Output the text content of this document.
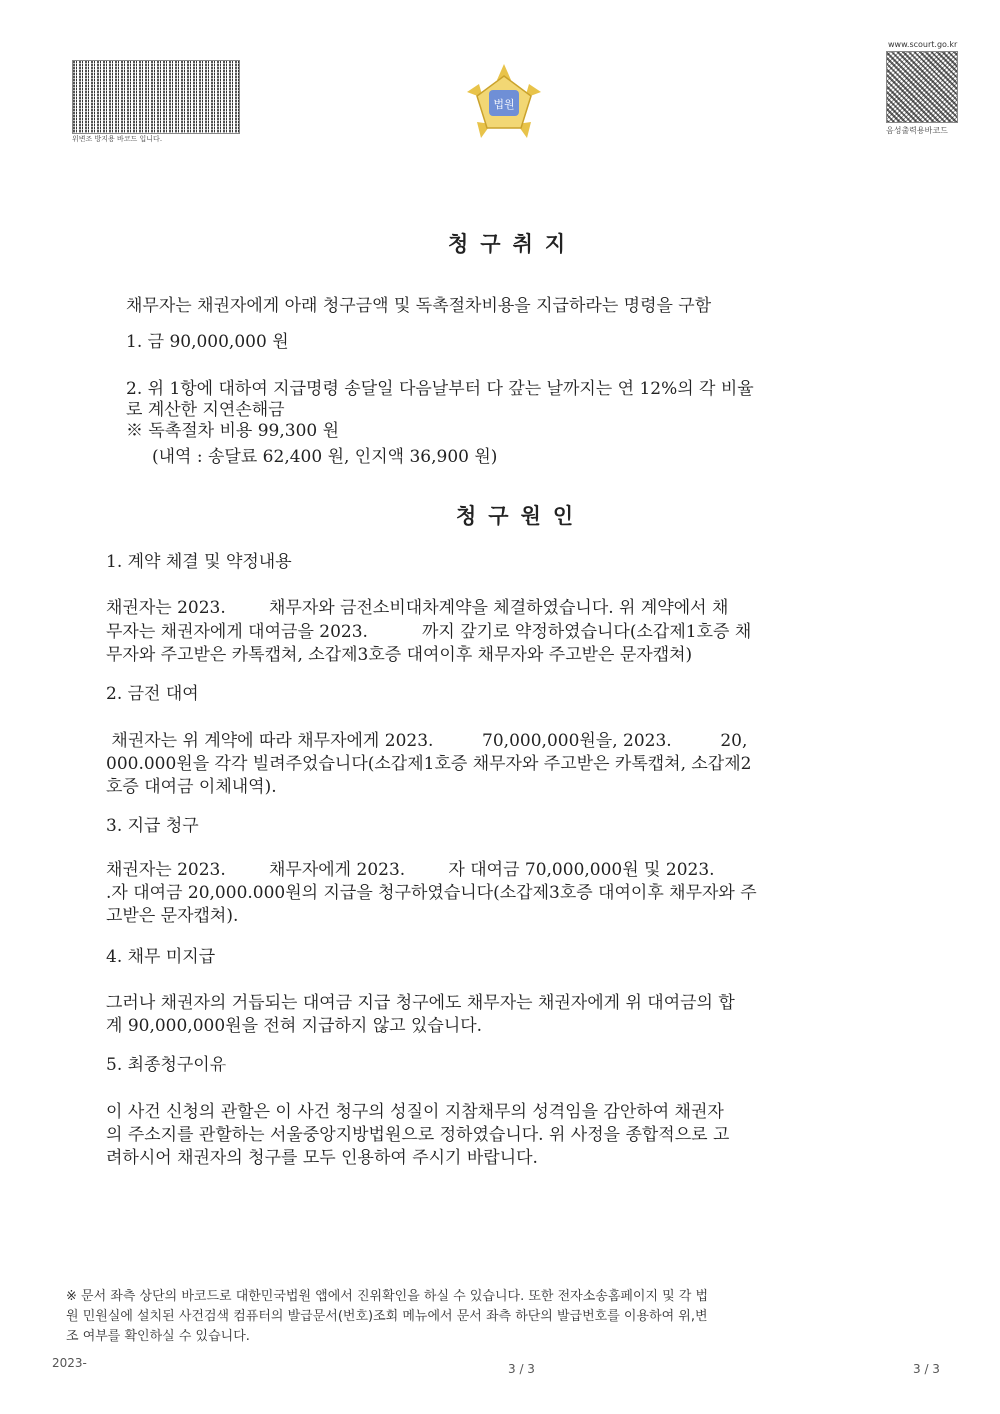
위변조 방지용 바코드 입니다.
법원
www.scourt.go.kr
음성출력용바코드
청구취지
채무자는 채권자에게 아래 청구금액 및 독촉절차비용을 지급하라는 명령을 구함
1. 금 90,000,000 원
2. 위 1항에 대하여 지급명령 송달일 다음날부터 다 갚는 날까지는 연 12%의 각 비율
로 계산한 지연손해금
※ 독촉절차 비용 99,300 원
(내역 : 송달료 62,400 원, 인지액 36,900 원)
청구원인
1. 계약 체결 및 약정내용
채권자는 2023.        채무자와 금전소비대차계약을 체결하였습니다. 위 계약에서 채
무자는 채권자에게 대여금을 2023.          까지 갚기로 약정하였습니다(소갑제1호증 채
무자와 주고받은 카톡캡쳐, 소갑제3호증 대여이후 채무자와 주고받은 문자캡쳐)
2. 금전 대여
채권자는 위 계약에 따라 채무자에게 2023.         70,000,000원을, 2023.         20,
000.000원을 각각 빌려주었습니다(소갑제1호증 채무자와 주고받은 카톡캡쳐, 소갑제2
호증 대여금 이체내역).
3. 지급 청구
채권자는 2023.        채무자에게 2023.        자 대여금 70,000,000원 및 2023.
.자 대여금 20,000.000원의 지급을 청구하였습니다(소갑제3호증 대여이후 채무자와 주
고받은 문자캡쳐).
4. 채무 미지급
그러나 채권자의 거듭되는 대여금 지급 청구에도 채무자는 채권자에게 위 대여금의 합
계 90,000,000원을 전혀 지급하지 않고 있습니다.
5. 최종청구이유
이 사건 신청의 관할은 이 사건 청구의 성질이 지참채무의 성격임을 감안하여 채권자
의 주소지를 관할하는 서울중앙지방법원으로 정하였습니다. 위 사정을 종합적으로 고
려하시어 채권자의 청구를 모두 인용하여 주시기 바랍니다.
※ 문서 좌측 상단의 바코드로 대한민국법원 앱에서 진위확인을 하실 수 있습니다. 또한 전자소송홈페이지 및 각 법
원 민원실에 설치된 사건검색 컴퓨터의 발급문서(번호)조회 메뉴에서 문서 좌측 하단의 발급번호를 이용하여 위,변
조 여부를 확인하실 수 있습니다.
2023-	3 / 3	3 / 3
